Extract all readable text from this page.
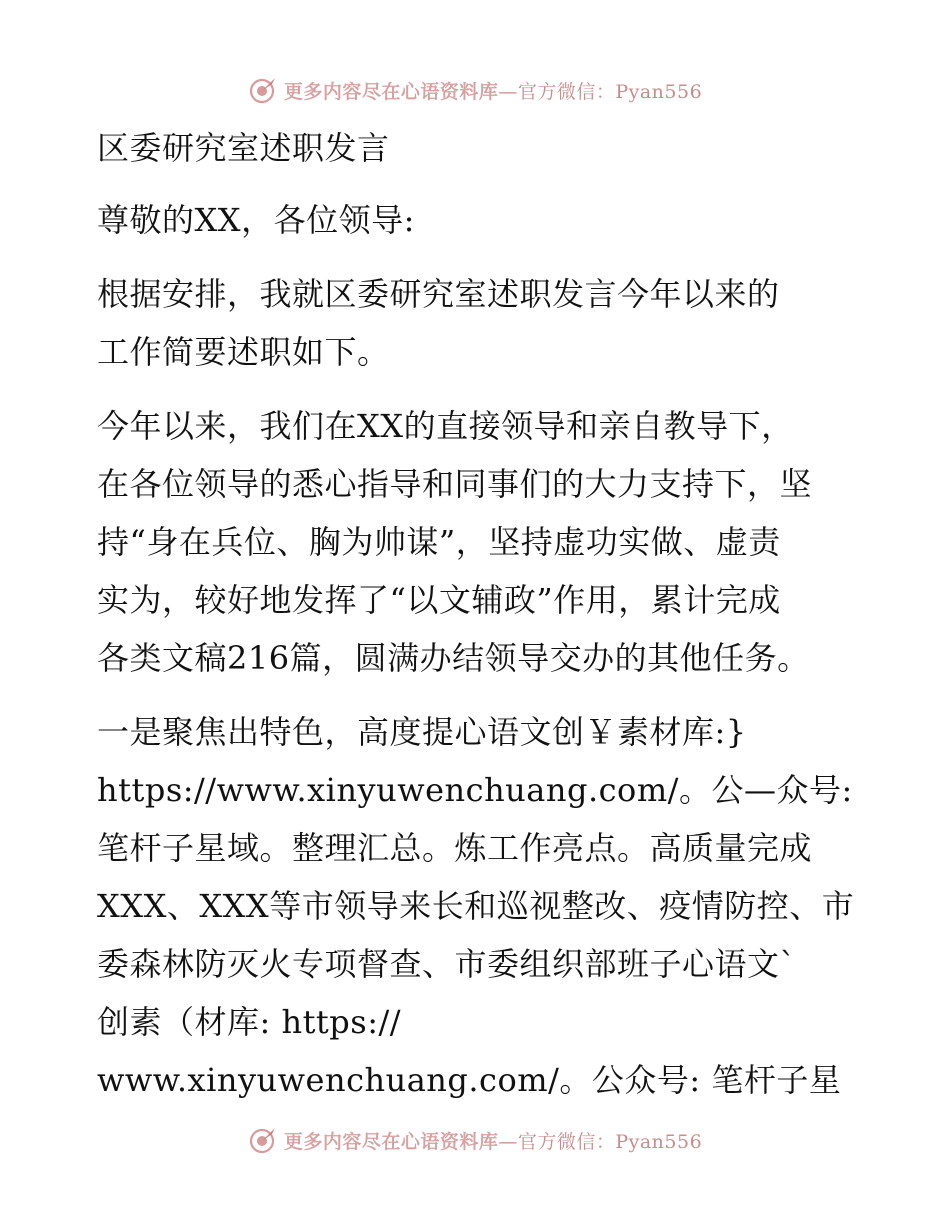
更多内容尽在心语资料库—官方微信：Pyan556
区委研究室述职发言
尊敬的XX，各位领导:
根据安排，我就区委研究室述职发言今年以来的
工作简要述职如下。
今年以来，我们在XX的直接领导和亲自教导下，
在各位领导的悉心指导和同事们的大力支持下，坚
持“身在兵位、胸为帅谋”，坚持虚功实做、虚责
实为，较好地发挥了“以文辅政”作用，累计完成
各类文稿216篇，圆满办结领导交办的其他任务。
一是聚焦出特色，高度提心语文创￥素材库:}
https://www.xinyuwenchuang.com/。公—众号:
笔杆子星域。整理汇总。炼工作亮点。高质量完成
XXX、XXX等市领导来长和巡视整改、疫情防控、市
委森林防灭火专项督查、市委组织部班子心语文`
创素（材库: https://
www.xinyuwenchuang.com/。公众号: 笔杆子星
更多内容尽在心语资料库—官方微信：Pyan556
